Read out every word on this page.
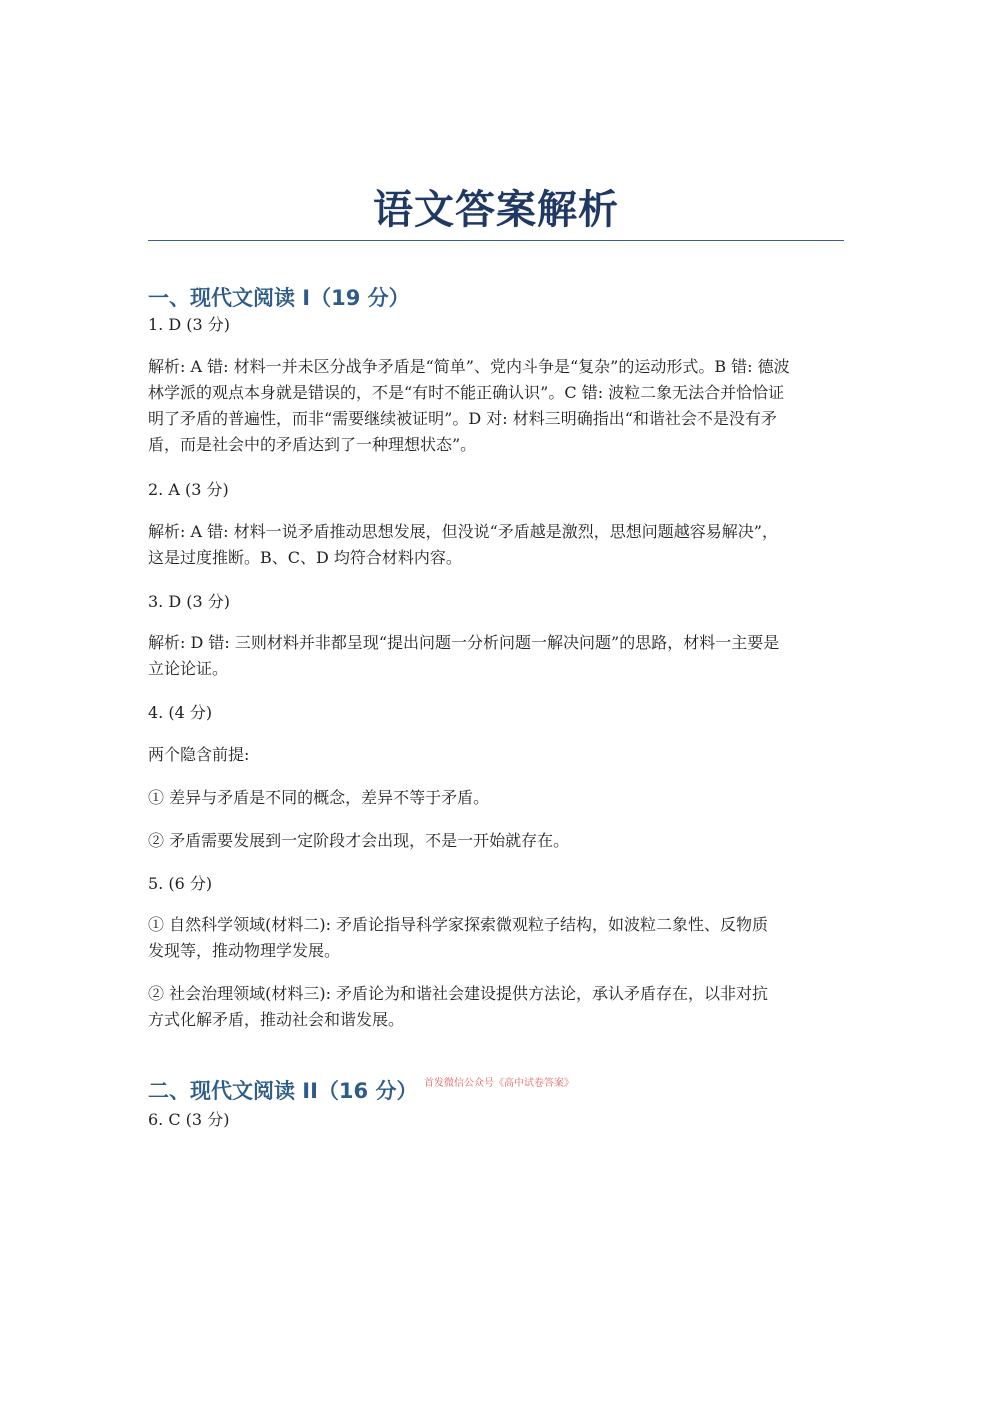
语文答案解析
一、现代文阅读 I（19 分）

1. D (3 分)

解析: A 错: 材料一并未区分战争矛盾是“简单”、党内斗争是“复杂”的运动形式。B 错: 德波

林学派的观点本身就是错误的，不是“有时不能正确认识”。C 错: 波粒二象无法合并恰恰证

明了矛盾的普遍性，而非“需要继续被证明”。D 对: 材料三明确指出“和谐社会不是没有矛

盾，而是社会中的矛盾达到了一种理想状态”。

2. A (3 分)

解析: A 错: 材料一说矛盾推动思想发展，但没说“矛盾越是激烈，思想问题越容易解决”，

这是过度推断。B、C、D 均符合材料内容。

3. D (3 分)

解析: D 错: 三则材料并非都呈现“提出问题一分析问题一解决问题”的思路，材料一主要是

立论论证。

4. (4 分)

两个隐含前提:

① 差异与矛盾是不同的概念，差异不等于矛盾。

② 矛盾需要发展到一定阶段才会出现，不是一开始就存在。

5. (6 分)

① 自然科学领域(材料二): 矛盾论指导科学家探索微观粒子结构，如波粒二象性、反物质

发现等，推动物理学发展。

② 社会治理领域(材料三): 矛盾论为和谐社会建设提供方法论，承认矛盾存在，以非对抗

方式化解矛盾，推动社会和谐发展。

二、现代文阅读 II（16 分） 首发微信公众号《高中试卷答案》

6. C (3 分)
